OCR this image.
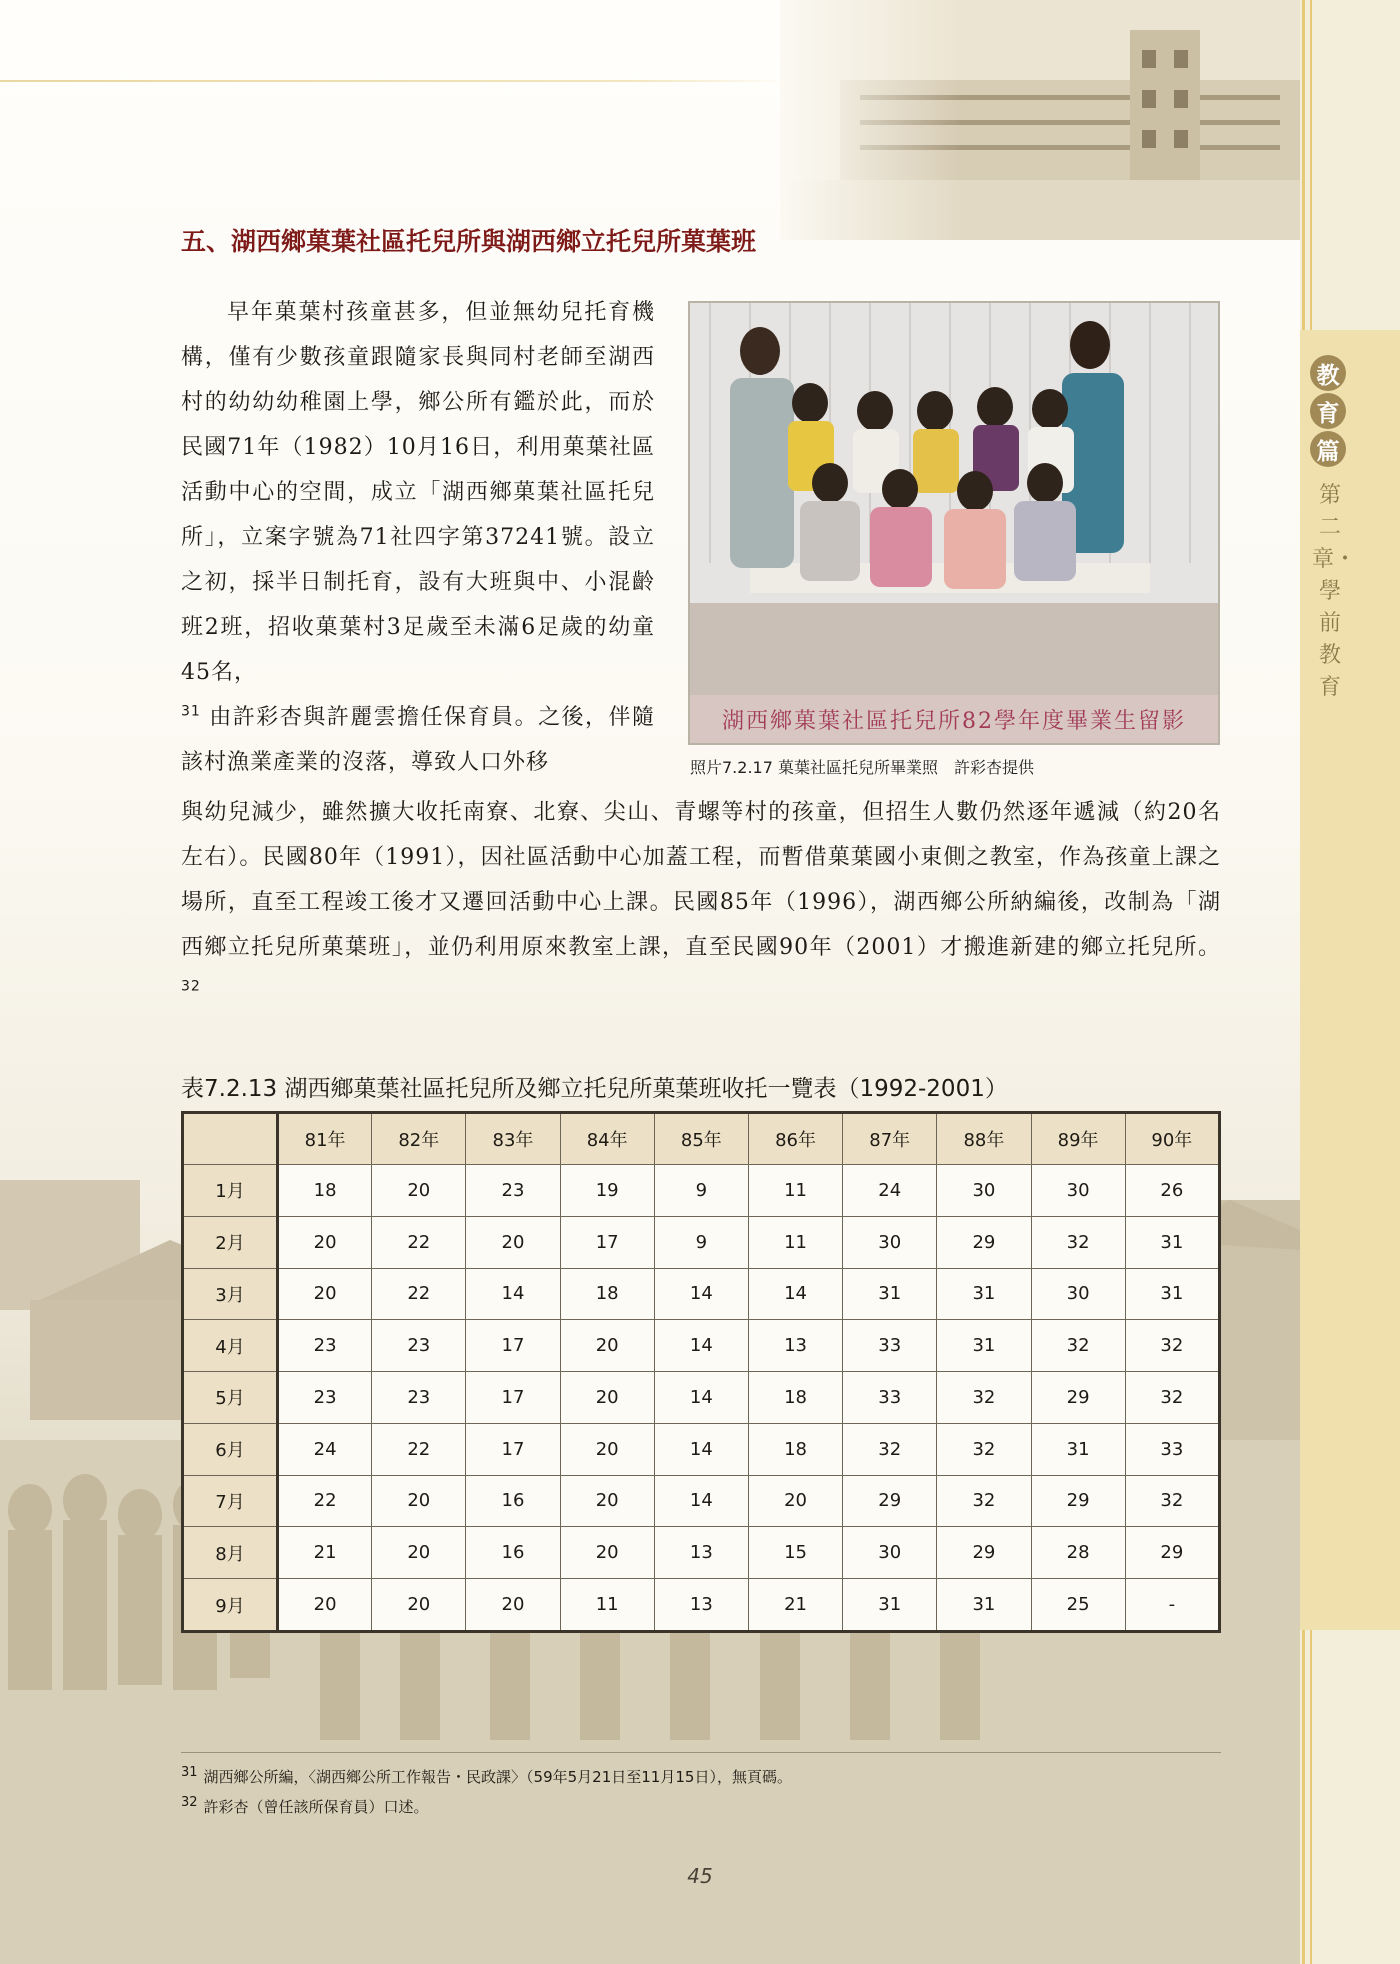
教
育
篇
第二章・學前教育
五、湖西鄉菓葉社區托兒所與湖西鄉立托兒所菓葉班
早年菓葉村孩童甚多，但並無幼兒托育機構，僅有少數孩童跟隨家長與同村老師至湖西村的幼幼幼稚園上學，鄉公所有鑑於此，而於民國71年（1982）10月16日，利用菓葉社區活動中心的空間，成立「湖西鄉菓葉社區托兒所」，立案字號為71社四字第37241號。設立之初，採半日制托育，設有大班與中、小混齡班2班，招收菓葉村3足歲至未滿6足歲的幼童45名，
$^{31}$ 由許彩杏與許麗雲擔任保育員。之後，伴隨該村漁業產業的沒落，導致人口外移
湖西鄉菓葉社區托兒所82學年度畢業生留影
照片7.2.17 菓葉社區托兒所畢業照　許彩杏提供
與幼兒減少，雖然擴大收托南寮、北寮、尖山、青螺等村的孩童，但招生人數仍然逐年遞減（約20名左右）。民國80年（1991），因社區活動中心加蓋工程，而暫借菓葉國小東側之教室，作為孩童上課之場所，直至工程竣工後才又遷回活動中心上課。民國85年（1996），湖西鄉公所納編後，改制為「湖西鄉立托兒所菓葉班」，並仍利用原來教室上課，直至民國90年（2001）才搬進新建的鄉立托兒所。$^{32}$
表7.2.13 湖西鄉菓葉社區托兒所及鄉立托兒所菓葉班收托一覽表（1992-2001）
	81年	82年	83年	84年	85年	86年	87年	88年	89年	90年
1月	18	20	23	19	9	11	24	30	30	26
2月	20	22	20	17	9	11	30	29	32	31
3月	20	22	14	18	14	14	31	31	30	31
4月	23	23	17	20	14	13	33	31	32	32
5月	23	23	17	20	14	18	33	32	29	32
6月	24	22	17	20	14	18	32	32	31	33
7月	22	20	16	20	14	20	29	32	29	32
8月	21	20	16	20	13	15	30	29	28	29
9月	20	20	20	11	13	21	31	31	25	-
31 湖西鄉公所編，〈湖西鄉公所工作報告・民政課〉（59年5月21日至11月15日），無頁碼。
32 許彩杏（曾任該所保育員）口述。
45
